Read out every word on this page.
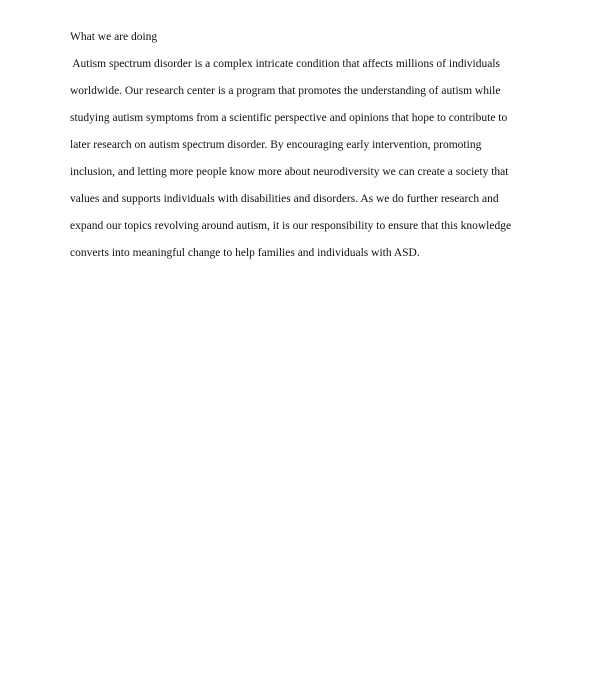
What we are doing
Autism spectrum disorder is a complex intricate condition that affects millions of individuals
worldwide. Our research center is a program that promotes the understanding of autism while
studying autism symptoms from a scientific perspective and opinions that hope to contribute to
later research on autism spectrum disorder. By encouraging early intervention, promoting
inclusion, and letting more people know more about neurodiversity we can create a society that
values and supports individuals with disabilities and disorders. As we do further research and
expand our topics revolving around autism, it is our responsibility to ensure that this knowledge
converts into meaningful change to help families and individuals with ASD.
